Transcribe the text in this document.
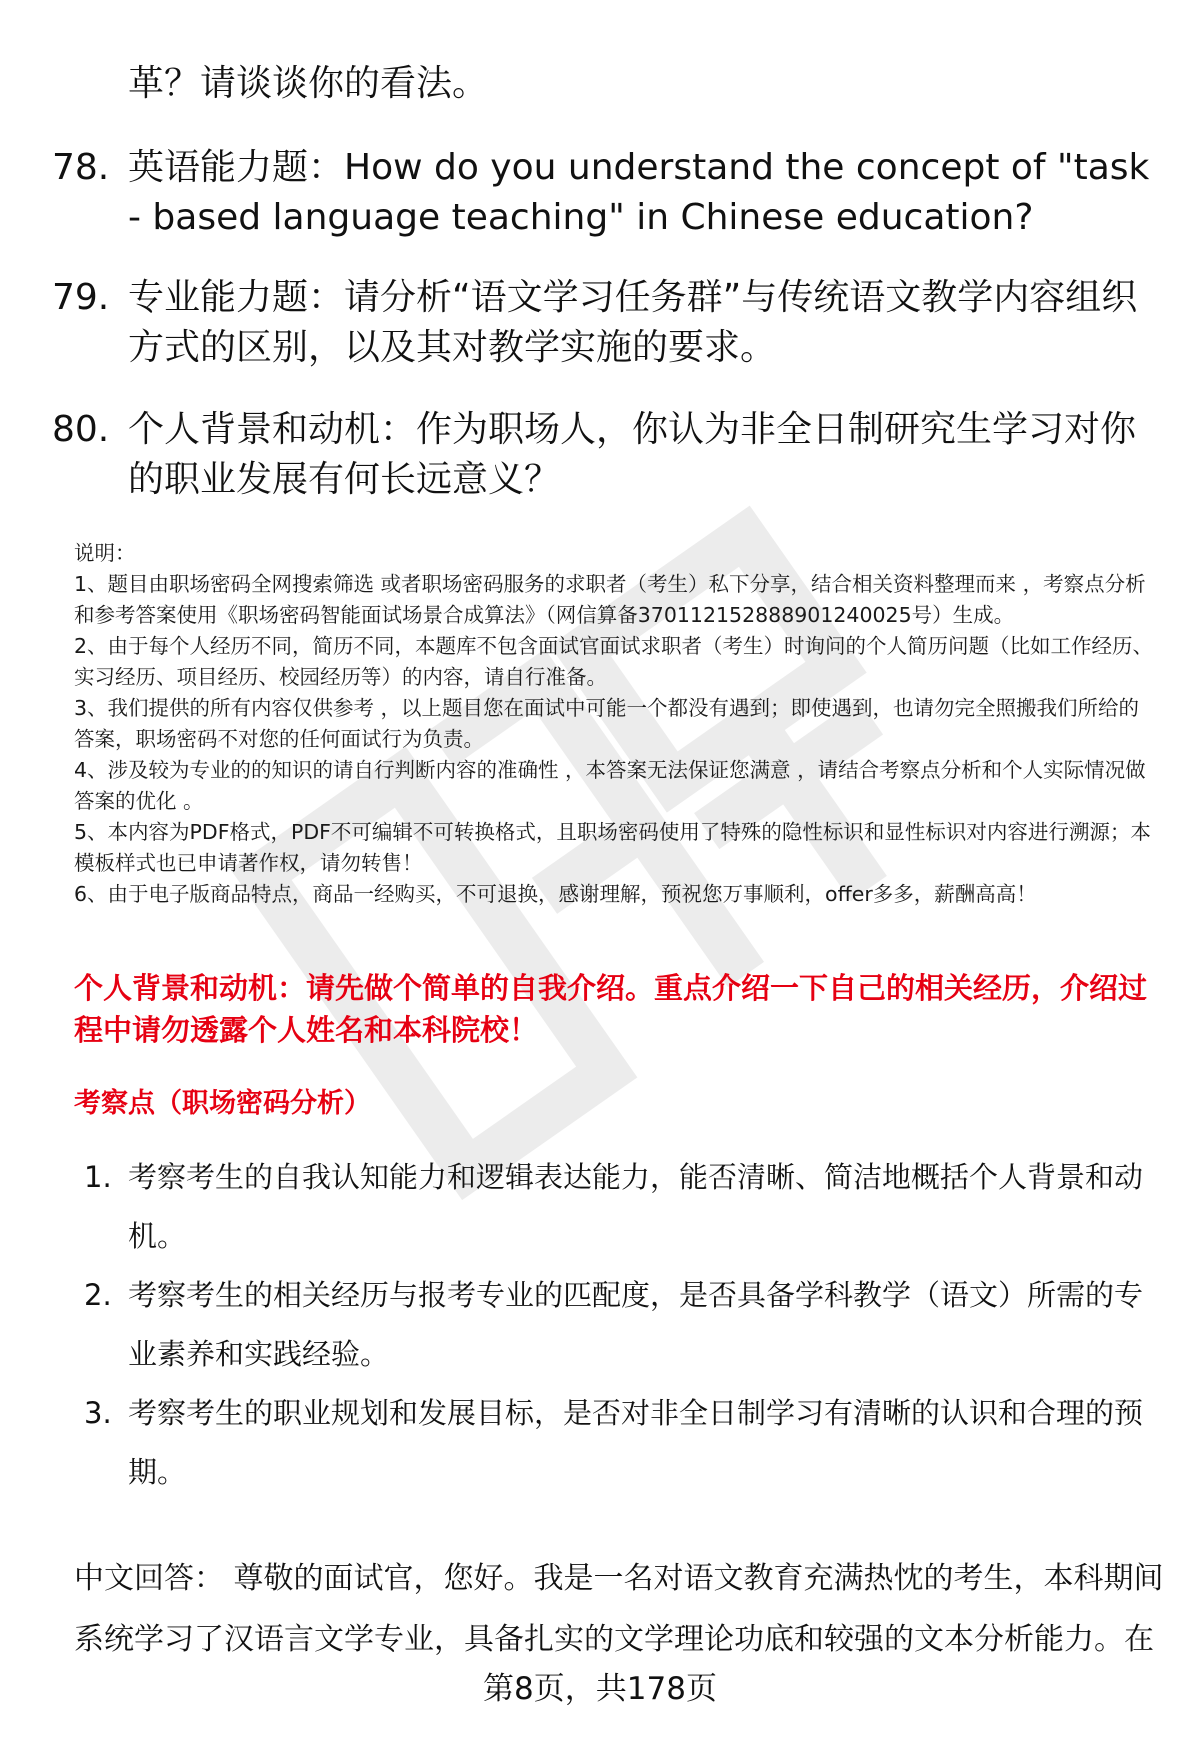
革？请谈谈你的看法。
78. 英语能力题：How do you understand the concept of "task - based language teaching" in Chinese education?
79. 专业能力题：请分析“语文学习任务群”与传统语文教学内容组织方式的区别，以及其对教学实施的要求。
80. 个人背景和动机：作为职场人，你认为非全日制研究生学习对你的职业发展有何长远意义？

说明：

1、题目由职场密码全网搜索筛选 或者职场密码服务的求职者（考生）私下分享，结合相关资料整理而来 ，考察点分析和参考答案使用《职场密码智能面试场景合成算法》（网信算备370112152888901240025号）生成。

2、由于每个人经历不同，简历不同，本题库不包含面试官面试求职者（考生）时询问的个人简历问题（比如工作经历、实习经历、项目经历、校园经历等）的内容，请自行准备。

3、我们提供的所有内容仅供参考 ，以上题目您在面试中可能一个都没有遇到；即使遇到，也请勿完全照搬我们所给的答案，职场密码不对您的任何面试行为负责。

4、涉及较为专业的的知识的请自行判断内容的准确性 ，本答案无法保证您满意 ，请结合考察点分析和个人实际情况做答案的优化 。

5、本内容为PDF格式，PDF不可编辑不可转换格式，且职场密码使用了特殊的隐性标识和显性标识对内容进行溯源；本模板样式也已申请著作权，请勿转售！

6、由于电子版商品特点，商品一经购买，不可退换，感谢理解，预祝您万事顺利，offer多多，薪酬高高！

个人背景和动机：请先做个简单的自我介绍。重点介绍一下自己的相关经历，介绍过程中请勿透露个人姓名和本科院校！
考察点（职场密码分析）
1. 考察考生的自我认知能力和逻辑表达能力，能否清晰、简洁地概括个人背景和动机。
2. 考察考生的相关经历与报考专业的匹配度，是否具备学科教学（语文）所需的专业素养和实践经验。
3. 考察考生的职业规划和发展目标，是否对非全日制学习有清晰的认识和合理的预期。
中文回答： 尊敬的面试官，您好。我是一名对语文教育充满热忱的考生，本科期间系统学习了汉语言文学专业，具备扎实的文学理论功底和较强的文本分析能力。在
第8页，共178页
